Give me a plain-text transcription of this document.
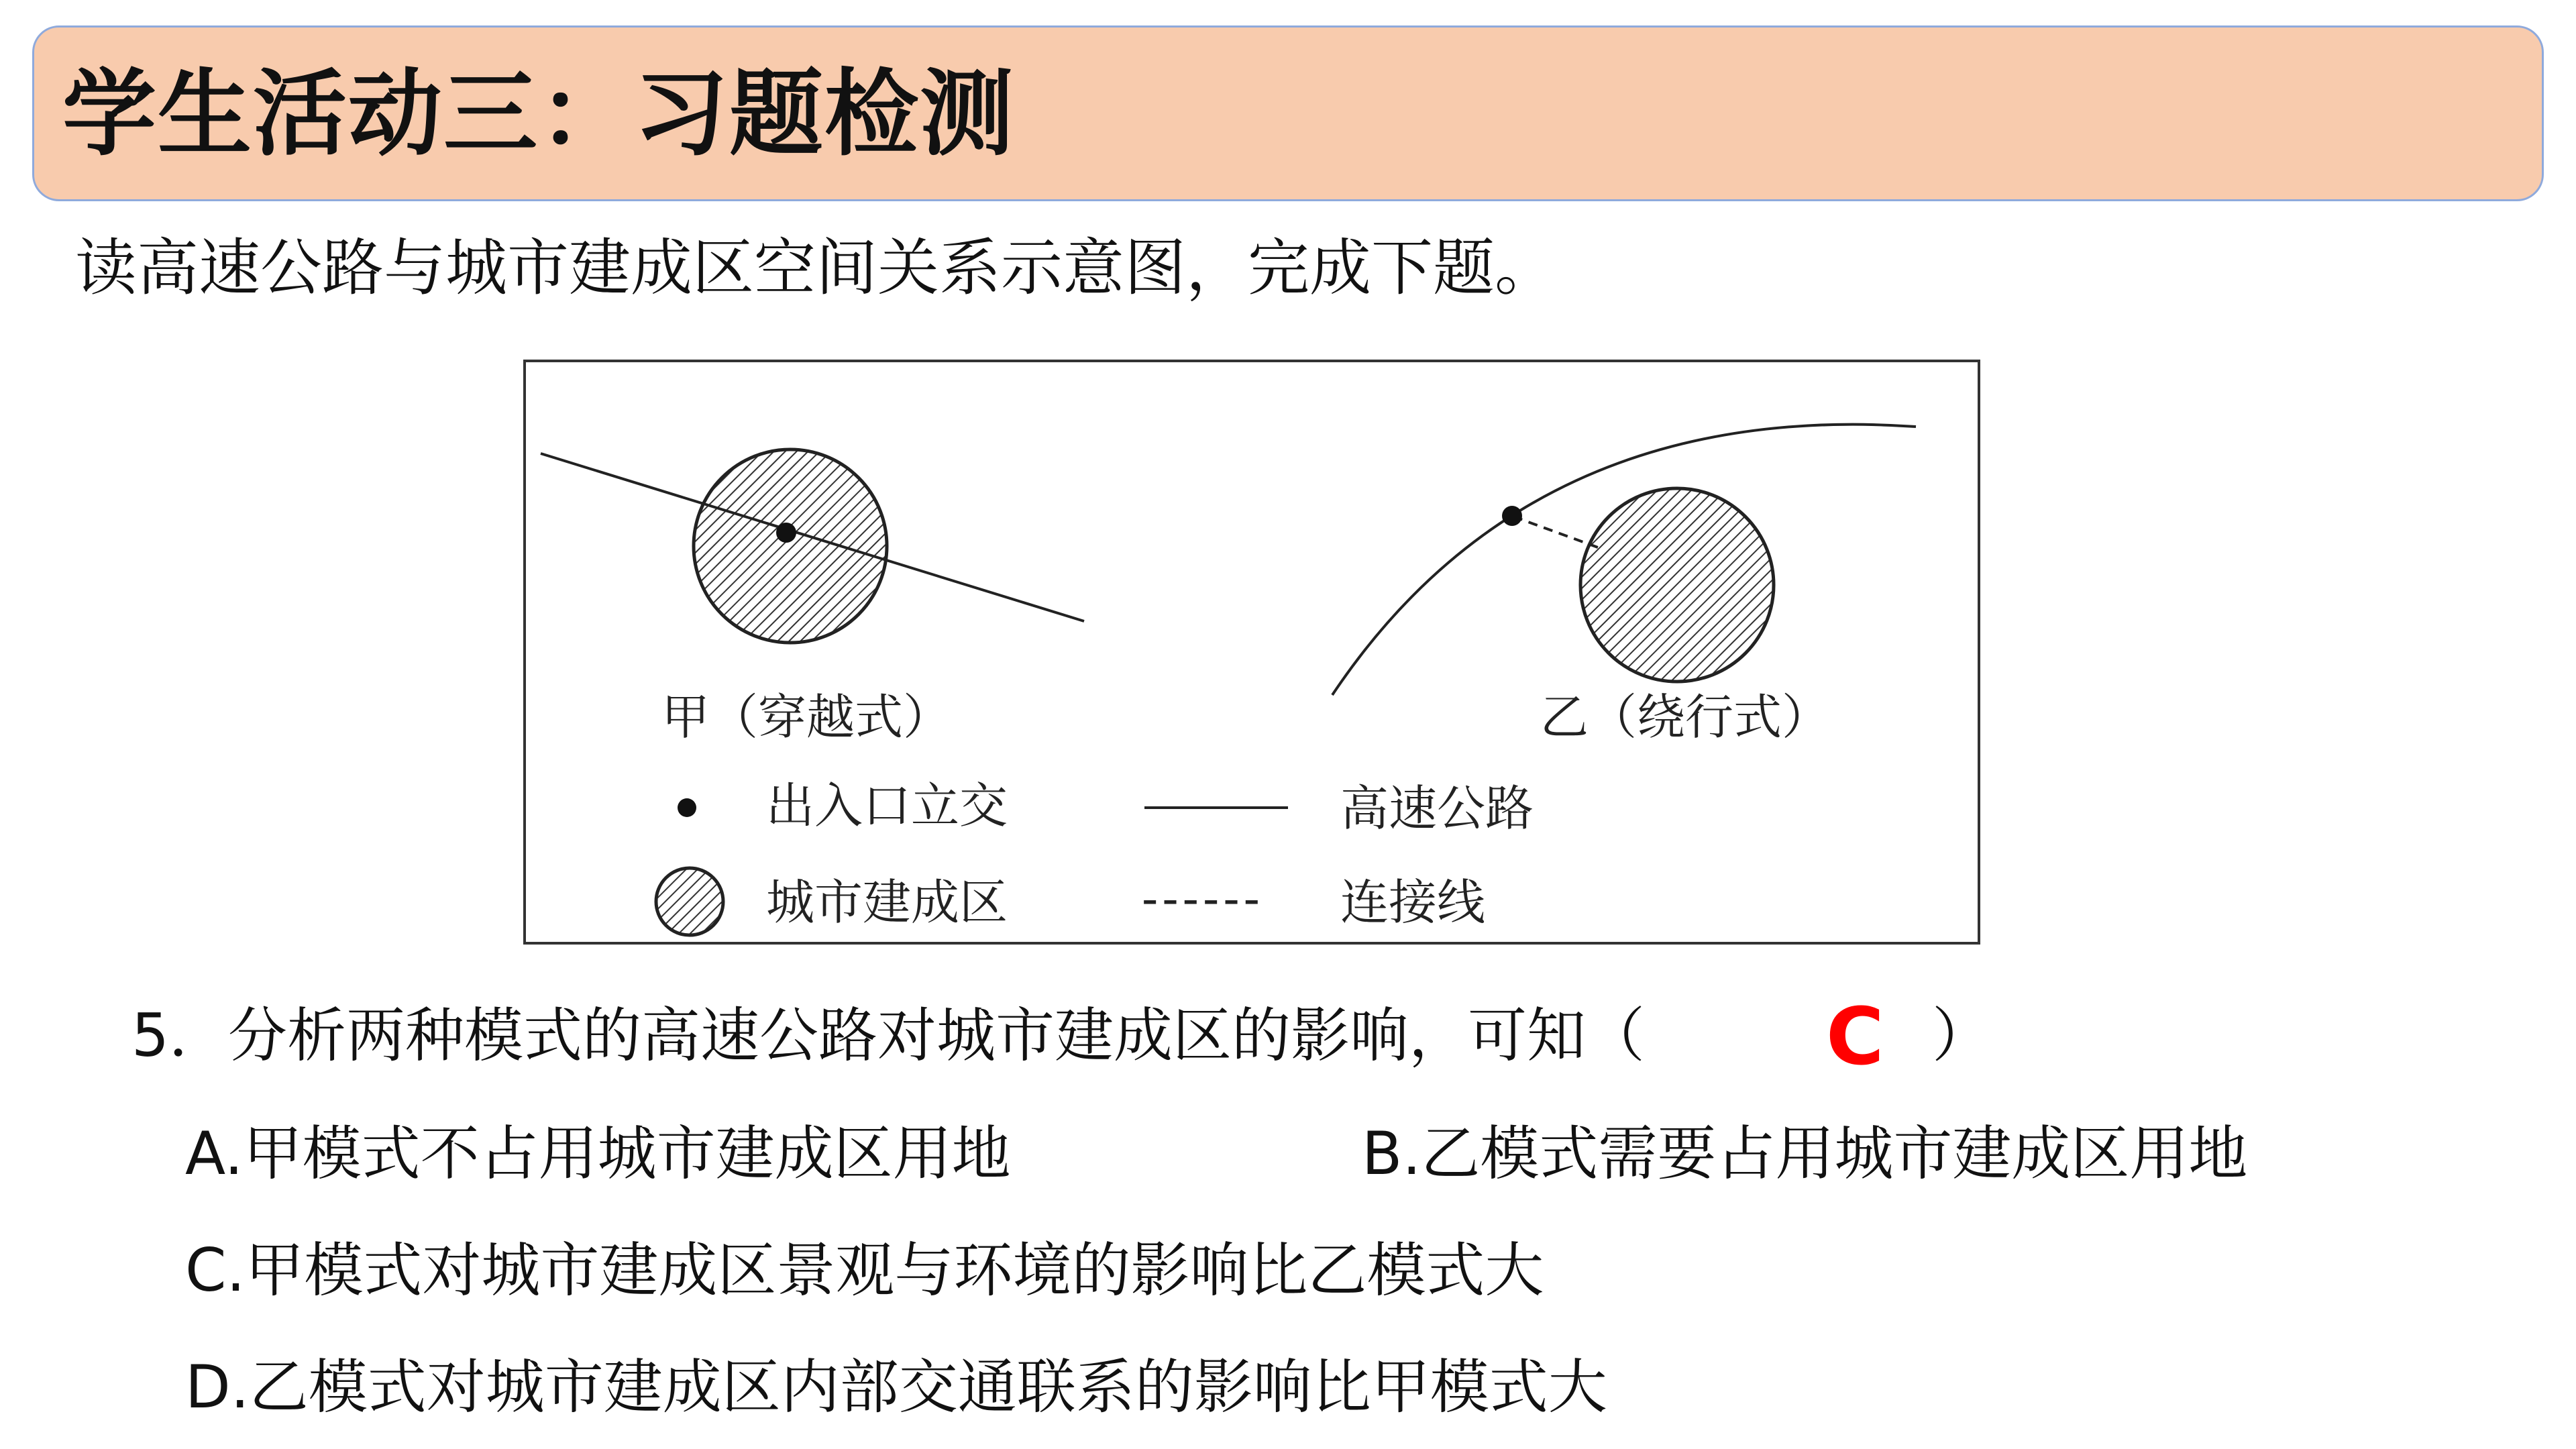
学生活动三：习题检测
读高速公路与城市建成区空间关系示意图，完成下题。
甲（穿越式）	乙（绕行式）
出入口立交	高速公路
城市建成区	------ 连接线
5．分析两种模式的高速公路对城市建成区的影响，可知（ C ）
A.甲模式不占用城市建成区用地	B.乙模式需要占用城市建成区用地
C.甲模式对城市建成区景观与环境的影响比乙模式大
D.乙模式对城市建成区内部交通联系的影响比甲模式大
